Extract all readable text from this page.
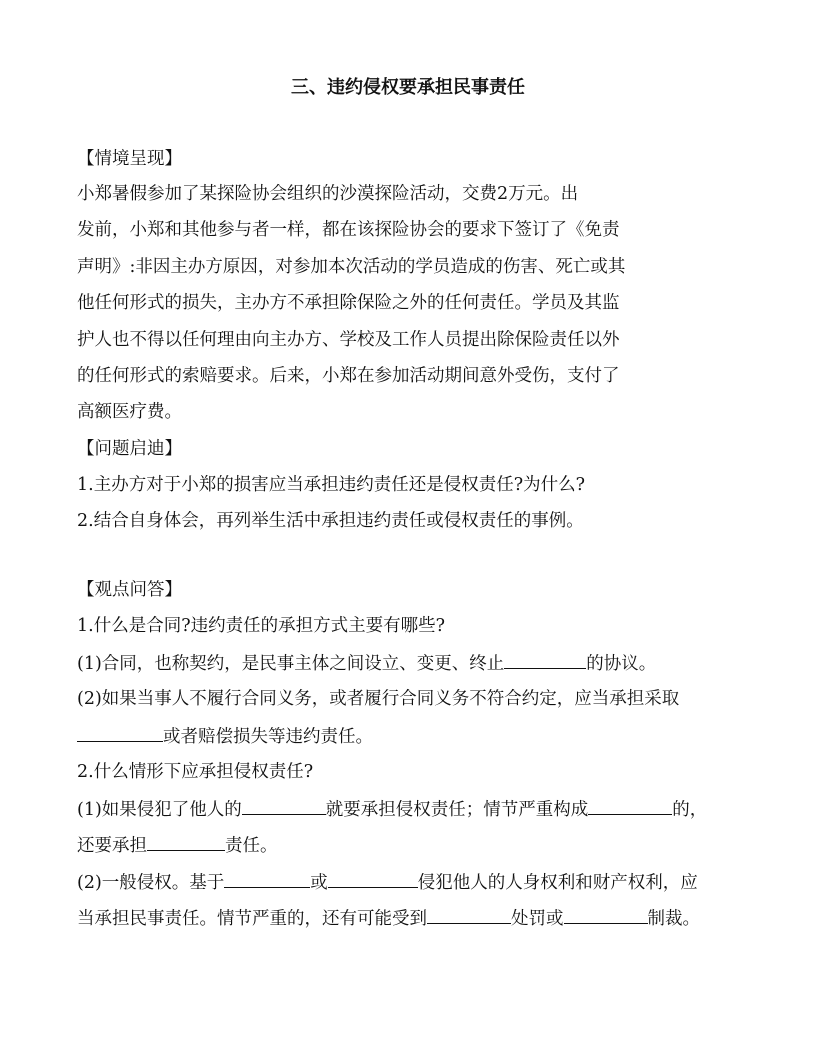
三、违约侵权要承担民事责任
【情境呈现】
小郑暑假参加了某探险协会组织的沙漠探险活动，交费2万元。出
发前，小郑和其他参与者一样，都在该探险协会的要求下签订了《免责
声明》:非因主办方原因，对参加本次活动的学员造成的伤害、死亡或其
他任何形式的损失，主办方不承担除保险之外的任何责任。学员及其监
护人也不得以任何理由向主办方、学校及工作人员提出除保险责任以外
的任何形式的索赔要求。后来，小郑在参加活动期间意外受伤，支付了
高额医疗费。
【问题启迪】
1.主办方对于小郑的损害应当承担违约责任还是侵权责任?为什么?
2.结合自身体会，再列举生活中承担违约责任或侵权责任的事例。
【观点问答】
1.什么是合同?违约责任的承担方式主要有哪些?
(1)合同，也称契约，是民事主体之间设立、变更、终止	的协议。
(2)如果当事人不履行合同义务，或者履行合同义务不符合约定，应当承担采取
或者赔偿损失等违约责任。
2.什么情形下应承担侵权责任?
(1)如果侵犯了他人的	就要承担侵权责任；情节严重构成	的，
还要承担	责任。
(2)一般侵权。基于	或	侵犯他人的人身权利和财产权利，应
当承担民事责任。情节严重的，还有可能受到	处罚或	制裁。
